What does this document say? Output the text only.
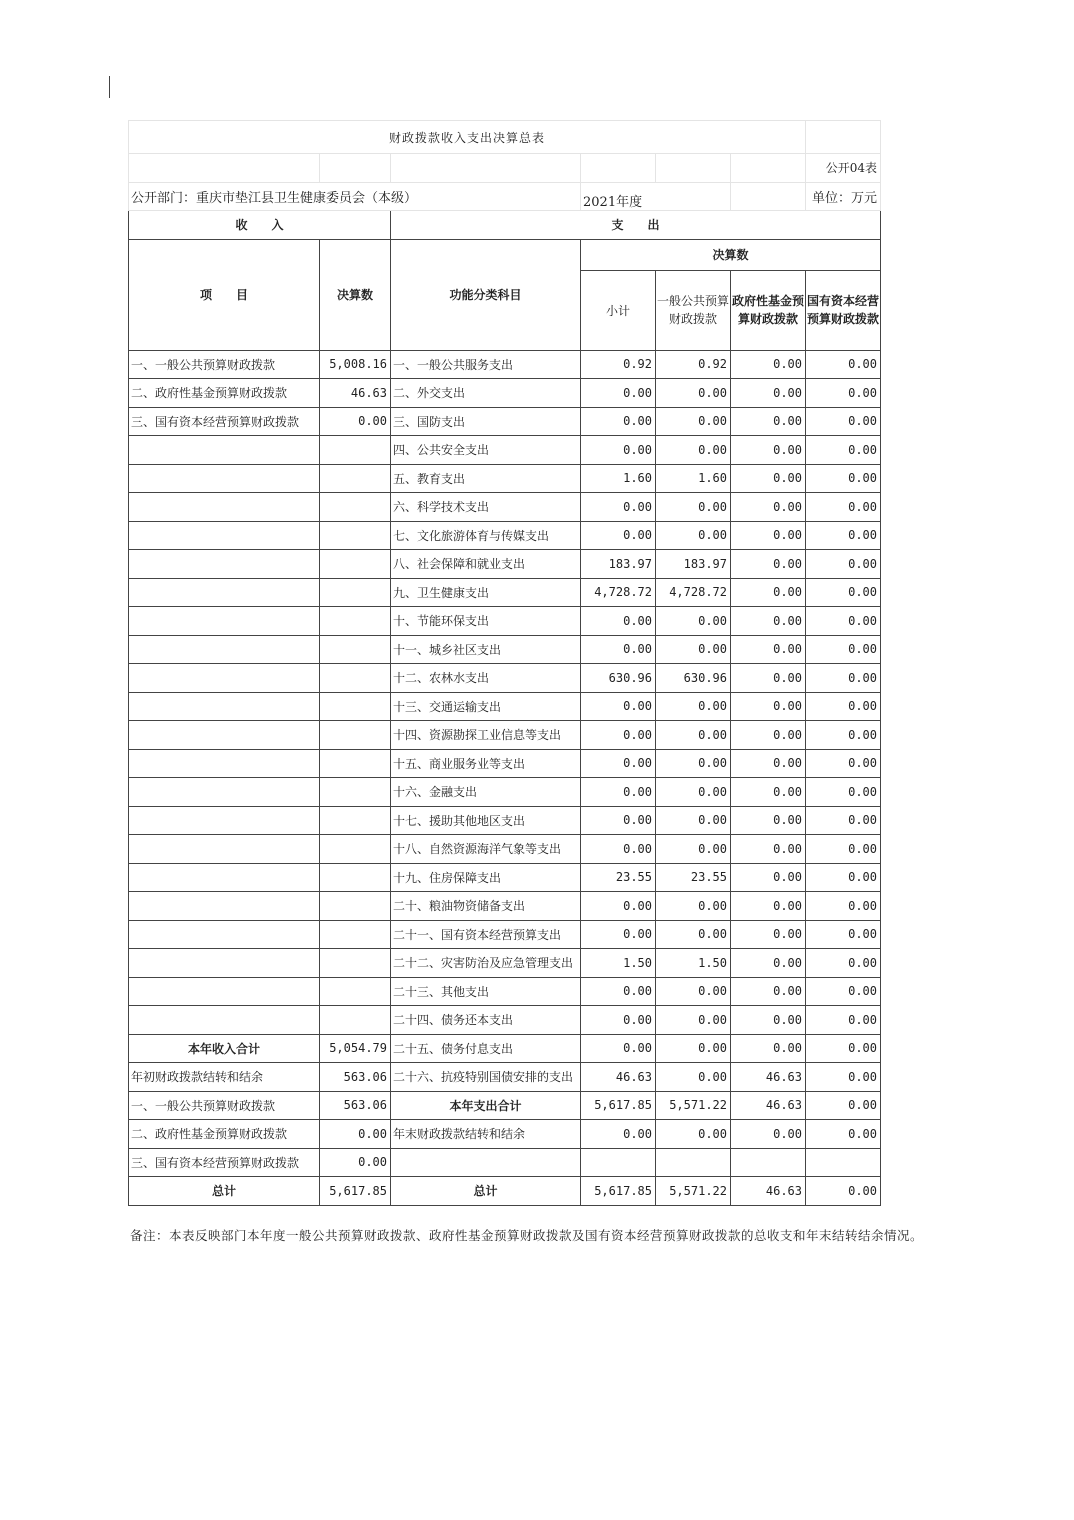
财政拨款收入支出决算总表						
						公开04表
公开部门：重庆市垫江县卫生健康委员会（本级）			2021年度			单位：万元
收　　入		支　　出				
项　　目	决算数	功能分类科目	决算数			
			小计	一般公共预算财政拨款	政府性基金预算财政拨款	国有资本经营预算财政拨款
一、一般公共预算财政拨款	5,008.16	一、一般公共服务支出	0.92	0.92	0.00	0.00
二、政府性基金预算财政拨款	46.63	二、外交支出	0.00	0.00	0.00	0.00
三、国有资本经营预算财政拨款	0.00	三、国防支出	0.00	0.00	0.00	0.00
		四、公共安全支出	0.00	0.00	0.00	0.00
		五、教育支出	1.60	1.60	0.00	0.00
		六、科学技术支出	0.00	0.00	0.00	0.00
		七、文化旅游体育与传媒支出	0.00	0.00	0.00	0.00
		八、社会保障和就业支出	183.97	183.97	0.00	0.00
		九、卫生健康支出	4,728.72	4,728.72	0.00	0.00
		十、节能环保支出	0.00	0.00	0.00	0.00
		十一、城乡社区支出	0.00	0.00	0.00	0.00
		十二、农林水支出	630.96	630.96	0.00	0.00
		十三、交通运输支出	0.00	0.00	0.00	0.00
		十四、资源勘探工业信息等支出	0.00	0.00	0.00	0.00
		十五、商业服务业等支出	0.00	0.00	0.00	0.00
		十六、金融支出	0.00	0.00	0.00	0.00
		十七、援助其他地区支出	0.00	0.00	0.00	0.00
		十八、自然资源海洋气象等支出	0.00	0.00	0.00	0.00
		十九、住房保障支出	23.55	23.55	0.00	0.00
		二十、粮油物资储备支出	0.00	0.00	0.00	0.00
		二十一、国有资本经营预算支出	0.00	0.00	0.00	0.00
		二十二、灾害防治及应急管理支出	1.50	1.50	0.00	0.00
		二十三、其他支出	0.00	0.00	0.00	0.00
		二十四、债务还本支出	0.00	0.00	0.00	0.00
本年收入合计	5,054.79	二十五、债务付息支出	0.00	0.00	0.00	0.00
年初财政拨款结转和结余	563.06	二十六、抗疫特别国债安排的支出	46.63	0.00	46.63	0.00
一、一般公共预算财政拨款	563.06	本年支出合计	5,617.85	5,571.22	46.63	0.00
二、政府性基金预算财政拨款	0.00	年末财政拨款结转和结余	0.00	0.00	0.00	0.00
三、国有资本经营预算财政拨款	0.00					
总计	5,617.85	总计	5,617.85	5,571.22	46.63	0.00
备注：本表反映部门本年度一般公共预算财政拨款、政府性基金预算财政拨款及国有资本经营预算财政拨款的总收支和年末结转结余情况。
